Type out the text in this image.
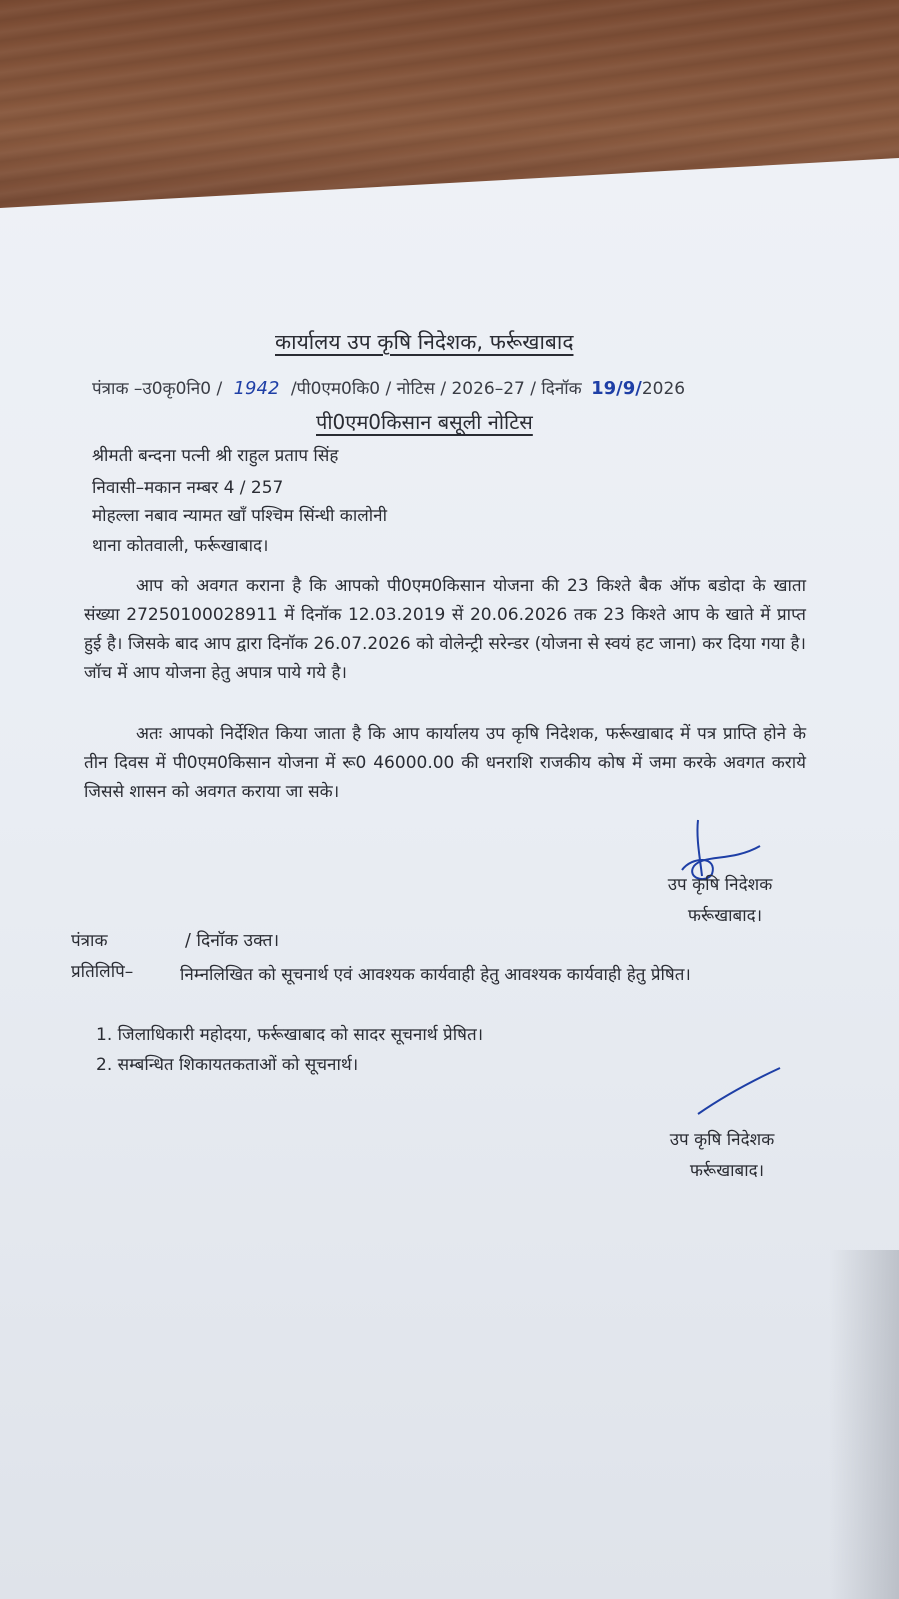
कार्यालय उप कृषि निदेशक, फर्रूखाबाद
पंत्राक –उ0कृ0नि0 / 1942 /पी0एम0कि0 / नोटिस / 2026–27 / दिनॉक 19/9/2026
पी0एम0किसान बसूली नोटिस
श्रीमती बन्दना पत्नी श्री राहुल प्रताप सिंह
निवासी–मकान नम्बर 4 / 257
मोहल्ला नबाव न्यामत खॉं पश्चिम सिंन्धी कालोनी
थाना कोतवाली, फर्रूखाबाद।
आप को अवगत कराना है कि आपको पी0एम0किसान योजना की 23 किश्ते बैक ऑफ बडोदा के खाता संख्या 27250100028911 में दिनॉक 12.03.2019 सें 20.06.2026 तक 23 किश्ते आप के खाते में प्राप्त हुई है। जिसके बाद आप द्वारा दिनॉक 26.07.2026 को वोलेन्ट्री सरेन्डर (योजना से स्वयं हट जाना) कर दिया गया है। जॉच में आप योजना हेतु अपात्र पाये गये है।
अतः आपको निर्देशित किया जाता है कि आप कार्यालय उप कृषि निदेशक, फर्रूखाबाद में पत्र प्राप्ति होने के तीन दिवस में पी0एम0किसान योजना में रू0 46000.00 की धनराशि राजकीय कोष में जमा करके अवगत कराये जिससे शासन को अवगत कराया जा सके।
उप कृषि निदेशक
फर्रूखाबाद।
पंत्राक	/ दिनॉक उक्त।
प्रतिलिपि–	निम्नलिखित को सूचनार्थ एवं आवश्यक कार्यवाही हेतु आवश्यक कार्यवाही हेतु प्रेषित।
1. जिलाधिकारी महोदया, फर्रूखाबाद को सादर सूचनार्थ प्रेषित।
2. सम्बन्धित शिकायतकताओं को सूचनार्थ।
उप कृषि निदेशक
फर्रूखाबाद।
